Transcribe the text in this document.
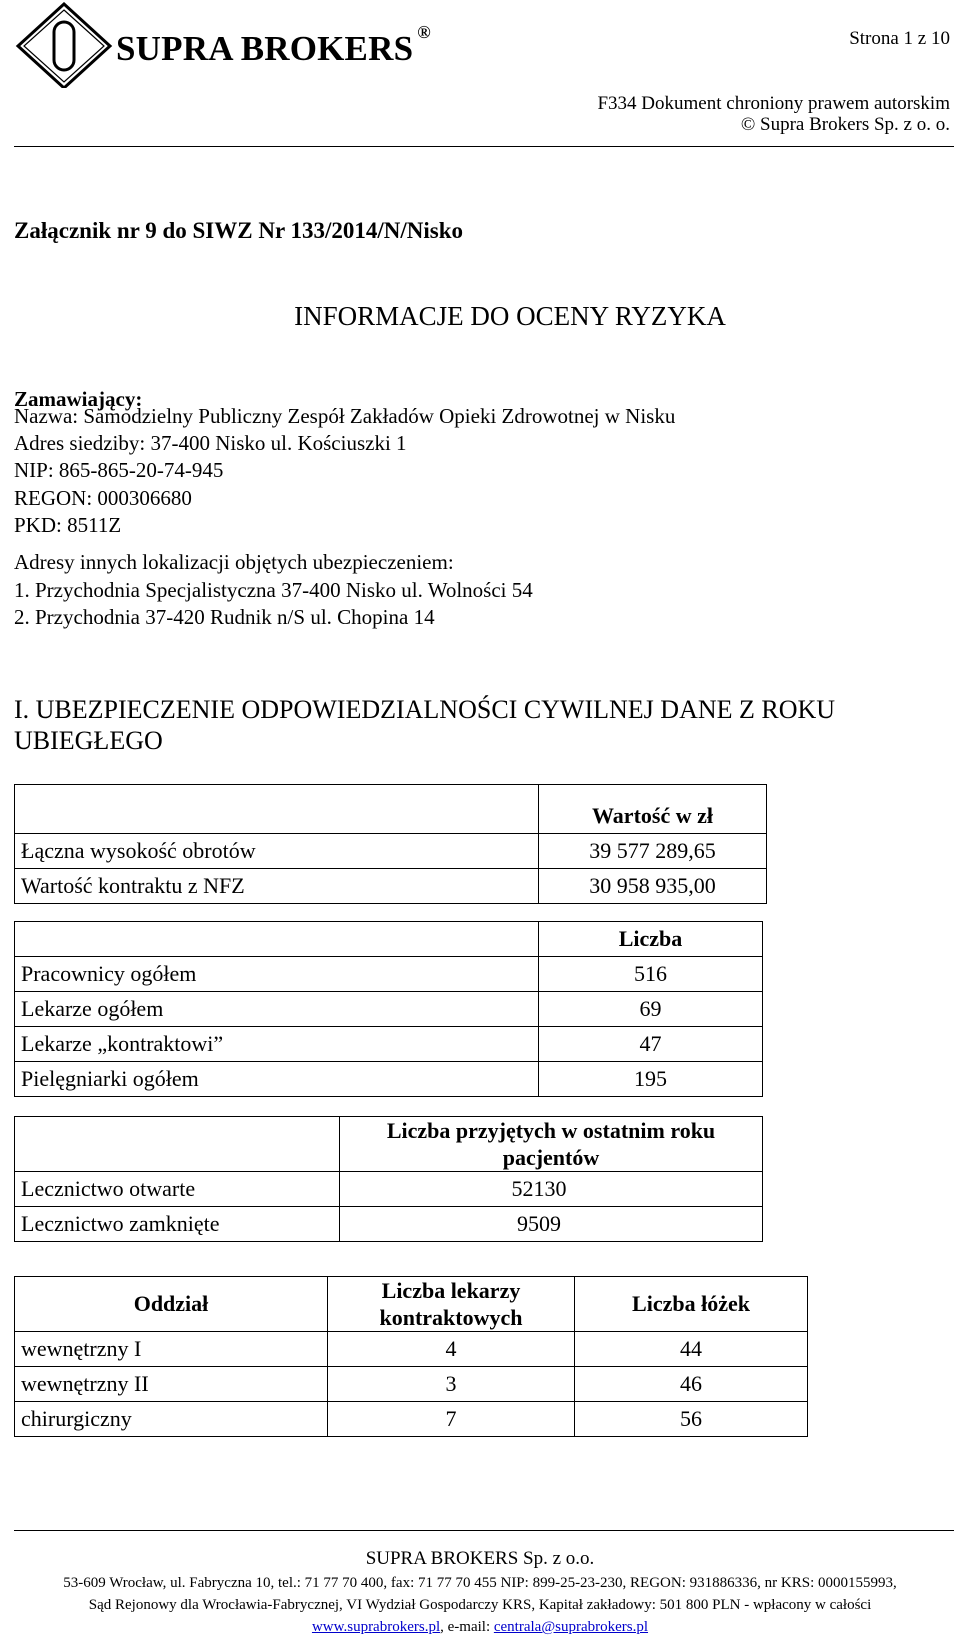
SUPRA BROKERS ®	Strona 1 z 10
F334 Dokument chroniony prawem autorskim
© Supra Brokers Sp. z o. o.
Załącznik nr 9 do SIWZ Nr 133/2014/N/Nisko
INFORMACJE DO OCENY RYZYKA
Zamawiający:
Nazwa: Samodzielny Publiczny Zespół Zakładów Opieki Zdrowotnej w Nisku
Adres siedziby: 37-400 Nisko ul. Kościuszki 1
NIP: 865-865-20-74-945
REGON: 000306680
PKD: 8511Z
Adresy innych lokalizacji objętych ubezpieczeniem:
1. Przychodnia Specjalistyczna 37-400 Nisko ul. Wolności 54
2. Przychodnia 37-420 Rudnik n/S ul. Chopina 14
I. UBEZPIECZENIE ODPOWIEDZIALNOŚCI CYWILNEJ DANE Z ROKU UBIEGŁEGO
	Wartość w zł
Łączna wysokość obrotów	39 577 289,65
Wartość kontraktu z NFZ	30 958 935,00
	Liczba
Pracownicy ogółem	516
Lekarze ogółem	69
Lekarze „kontraktowi”	47
Pielęgniarki ogółem	195
	Liczba przyjętych w ostatnim roku pacjentów
Lecznictwo otwarte	52130
Lecznictwo zamknięte	9509
Oddział	Liczba lekarzy kontraktowych	Liczba łóżek
wewnętrzny I	4	44
wewnętrzny II	3	46
chirurgiczny	7	56
SUPRA BROKERS Sp. z o.o.
53-609 Wrocław, ul. Fabryczna 10, tel.: 71 77 70 400, fax: 71 77 70 455 NIP: 899-25-23-230, REGON: 931886336, nr KRS: 0000155993,
Sąd Rejonowy dla Wrocławia-Fabrycznej, VI Wydział Gospodarczy KRS, Kapitał zakładowy: 501 800 PLN - wpłacony w całości
www.suprabrokers.pl, e-mail: centrala@suprabrokers.pl
